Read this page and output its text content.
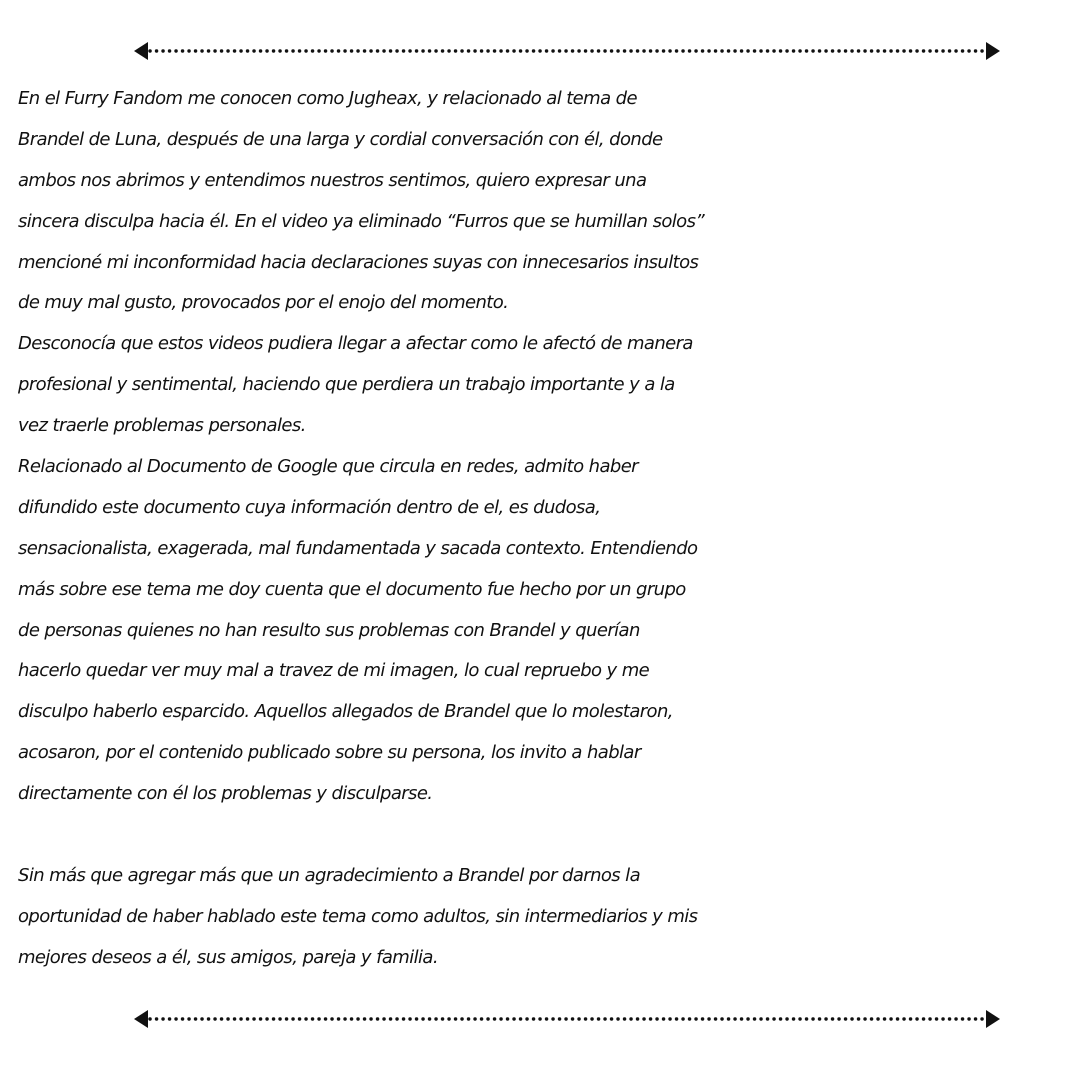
En el Furry Fandom me conocen como Jugheax, y relacionado al tema de
Brandel de Luna, después de una larga y cordial conversación con él, donde
ambos nos abrimos y entendimos nuestros sentimos, quiero expresar una
sincera disculpa hacia él. En el video ya eliminado “Furros que se humillan solos”
mencioné mi inconformidad hacia declaraciones suyas con innecesarios insultos
de muy mal gusto, provocados por el enojo del momento.
Desconocía que estos videos pudiera llegar a afectar como le afectó de manera
profesional y sentimental, haciendo que perdiera un trabajo importante y a la
vez traerle problemas personales.
Relacionado al Documento de Google que circula en redes, admito haber
difundido este documento cuya información dentro de el, es dudosa,
sensacionalista, exagerada, mal fundamentada y sacada contexto. Entendiendo
más sobre ese tema me doy cuenta que el documento fue hecho por un grupo
de personas quienes no han resulto sus problemas con Brandel y querían
hacerlo quedar ver muy mal a travez de mi imagen, lo cual repruebo y me
disculpo haberlo esparcido. Aquellos allegados de Brandel que lo molestaron,
acosaron, por el contenido publicado sobre su persona, los invito a hablar
directamente con él los problemas y disculparse.
Sin más que agregar más que un agradecimiento a Brandel por darnos la
oportunidad de haber hablado este tema como adultos, sin intermediarios y mis
mejores deseos a él, sus amigos, pareja y familia.
